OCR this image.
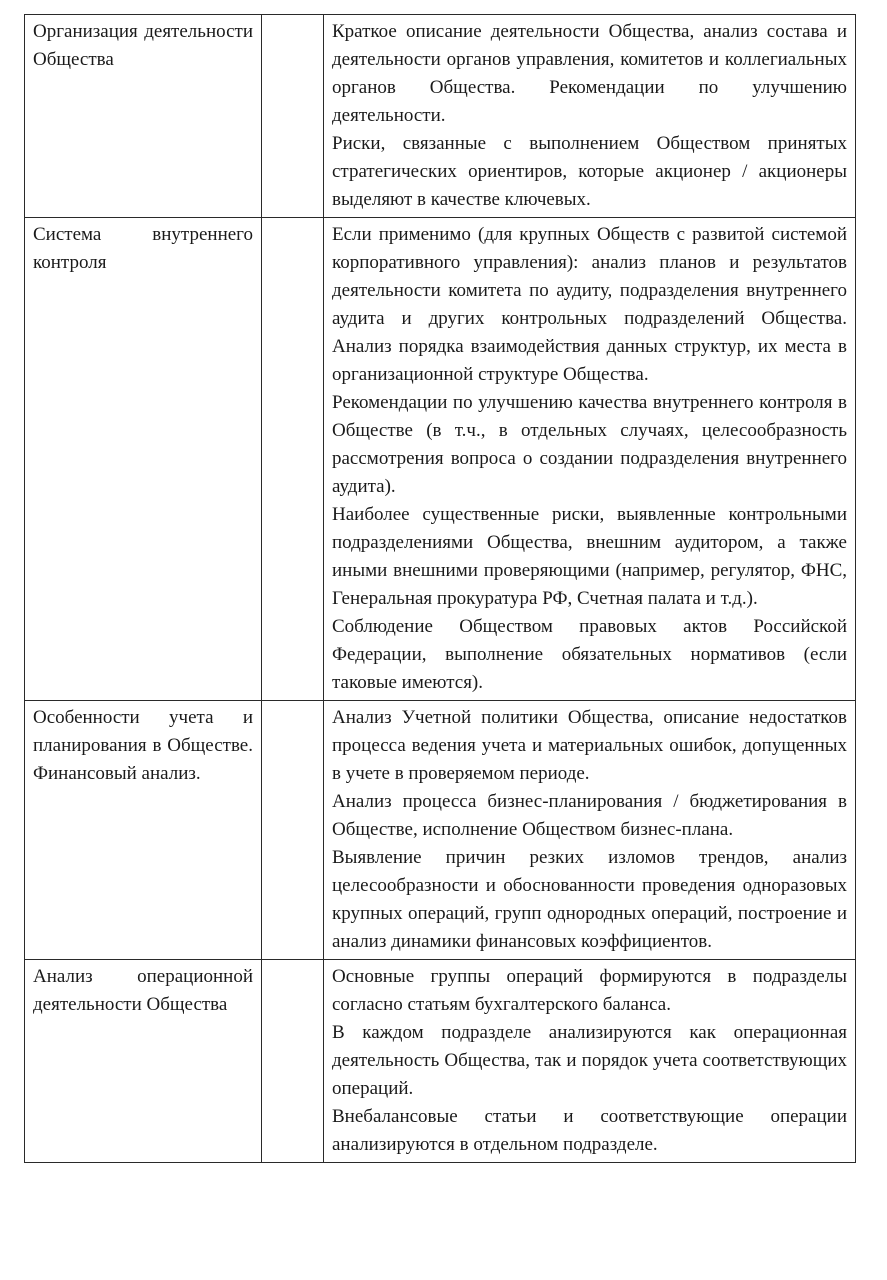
Организация деятельности Общества		Краткое описание деятельности Общества, анализ состава и деятельности органов управления, комитетов и коллегиальных органов Общества. Рекомендации по улучшению деятельности.

Риски, связанные с выполнением Обществом принятых стратегических ориентиров, которые акционер / акционеры выделяют в качестве ключевых.

Система внутреннего контроля		Если применимо (для крупных Обществ с развитой системой корпоративного управления): анализ планов и результатов деятельности комитета по аудиту, подразделения внутреннего аудита и других контрольных подразделений Общества. Анализ порядка взаимодействия данных структур, их места в организационной структуре Общества.

Рекомендации по улучшению качества внутреннего контроля в Обществе (в т.ч., в отдельных случаях, целесообразность рассмотрения вопроса о создании подразделения внутреннего аудита).

Наиболее существенные риски, выявленные контрольными подразделениями Общества, внешним аудитором, а также иными внешними проверяющими (например, регулятор, ФНС, Генеральная прокуратура РФ, Счетная палата и т.д.).

Соблюдение Обществом правовых актов Российской Федерации, выполнение обязательных нормативов (если таковые имеются).

Особенности учета и планирования в Обществе. Финансовый анализ.		Анализ Учетной политики Общества, описание недостатков процесса ведения учета и материальных ошибок, допущенных в учете в проверяемом периоде.

Анализ процесса бизнес-планирования / бюджетирования в Обществе, исполнение Обществом бизнес-плана.

Выявление причин резких изломов трендов, анализ целесообразности и обоснованности проведения одноразовых крупных операций, групп однородных операций, построение и анализ динамики финансовых коэффициентов.

Анализ операционной деятельности Общества		Основные группы операций формируются в подразделы согласно статьям бухгалтерского баланса.

В каждом подразделе анализируются как операционная деятельность Общества, так и порядок учета соответствующих операций.

Внебалансовые статьи и соответствующие операции анализируются в отдельном подразделе.
